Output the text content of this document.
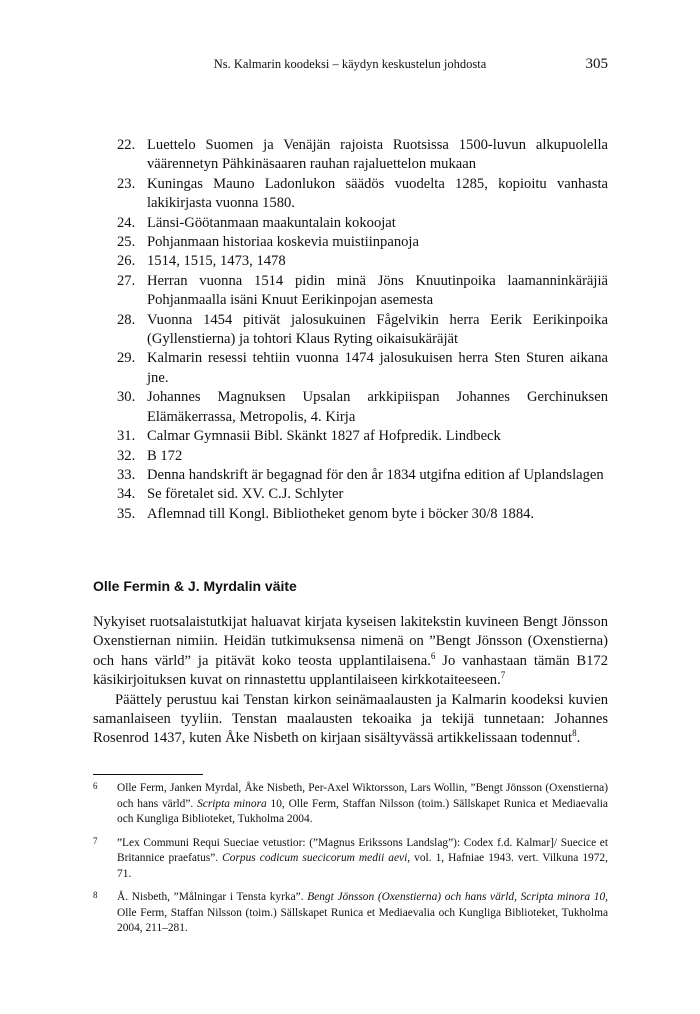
Ns. Kalmarin koodeksi – käydyn keskustelun johdosta	305
22. Luettelo Suomen ja Venäjän rajoista Ruotsissa 1500-luvun alkupuolella väärennetyn Pähkinäsaaren rauhan rajaluettelon mukaan
23. Kuningas Mauno Ladonlukon säädös vuodelta 1285, kopioitu vanhasta lakikirjasta vuonna 1580.
24. Länsi-Göötanmaan maakuntalain kokoojat
25. Pohjanmaan historiaa koskevia muistiinpanoja
26. 1514, 1515, 1473, 1478
27. Herran vuonna 1514 pidin minä Jöns Knuutinpoika laamanninkäräjiä Pohjanmaalla isäni Knuut Eerikinpojan asemesta
28. Vuonna 1454 pitivät jalosukuinen Fågelvikin herra Eerik Eerikinpoika (Gyllenstierna) ja tohtori Klaus Ryting oikaisukäräjät
29. Kalmarin resessi tehtiin vuonna 1474 jalosukuisen herra Sten Sturen aikana jne.
30. Johannes Magnuksen Upsalan arkkipiispan Johannes Gerchinuksen Elämäkerrassa, Metropolis, 4. Kirja
31. Calmar Gymnasii Bibl. Skänkt 1827 af Hofpredik. Lindbeck
32. B 172
33. Denna handskrift är begagnad för den år 1834 utgifna edition af Uplandslagen
34. Se företalet sid. XV. C.J. Schlyter
35. Aflemnad till Kongl. Bibliotheket genom byte i böcker 30/8 1884.
Olle Fermin & J. Myrdalin väite

Nykyiset ruotsalaistutkijat haluavat kirjata kyseisen lakitekstin kuvineen Bengt Jönsson Oxenstiernan nimiin. Heidän tutkimuksensa nimenä on ”Bengt Jönsson (Oxenstierna) och hans värld” ja pitävät koko teosta upplantilaisena.$^6$ Jo vanhastaan tämän B172 käsikirjoituksen kuvat on rinnastettu upplantilaiseen kirkkotaiteeseen.$^7$

Päättely perustuu kai Tenstan kirkon seinämaalausten ja Kalmarin koodeksi kuvien samanlaiseen tyyliin. Tenstan maalausten tekoaika ja tekijä tunnetaan: Johannes Rosenrod 1437, kuten Åke Nisbeth on kirjaan sisältyvässä artikkelissaan todennut$^8$.

6 Olle Ferm, Janken Myrdal, Åke Nisbeth, Per-Axel Wiktorsson, Lars Wollin, ”Bengt Jönsson (Oxenstierna) och hans värld”. Scripta minora 10, Olle Ferm, Staffan Nilsson (toim.) Sällskapet Runica et Mediaevalia och Kungliga Biblioteket, Tukholma 2004.
7 ”Lex Communi Requi Sueciae vetustior: (”Magnus Erikssons Landslag”): Codex f.d. Kalmar]/ Suecice et Britannice praefatus”. Corpus codicum suecicorum medii aevi, vol. 1, Hafniae 1943. vert. Vilkuna 1972, 71.
8 Å. Nisbeth, ”Målningar i Tensta kyrka”. Bengt Jönsson (Oxenstierna) och hans värld, Scripta minora 10, Olle Ferm, Staffan Nilsson (toim.) Sällskapet Runica et Mediaevalia och Kungliga Biblioteket, Tukholma 2004, 211–281.
